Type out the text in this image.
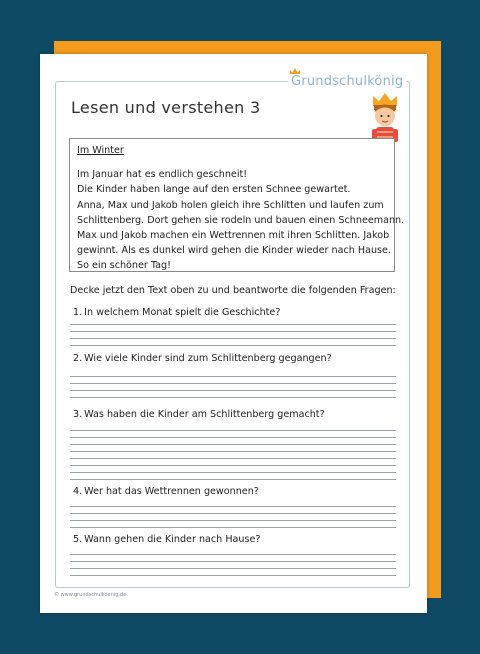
Grundschulkönig
Lesen und verstehen 3
Im Winter
Im Januar hat es endlich geschneit!
Die Kinder haben lange auf den ersten Schnee gewartet.
Anna, Max und Jakob holen gleich ihre Schlitten und laufen zum
Schlittenberg. Dort gehen sie rodeln und bauen einen Schneemann.
Max und Jakob machen ein Wettrennen mit ihren Schlitten. Jakob
gewinnt. Als es dunkel wird gehen die Kinder wieder nach Hause.
So ein schöner Tag!
Decke jetzt den Text oben zu und beantworte die folgenden Fragen:
1. In welchem Monat spielt die Geschichte?
2. Wie viele Kinder sind zum Schlittenberg gegangen?
3. Was haben die Kinder am Schlittenberg gemacht?
4. Wer hat das Wettrennen gewonnen?
5. Wann gehen die Kinder nach Hause?
© www.grundschulkoenig.de
